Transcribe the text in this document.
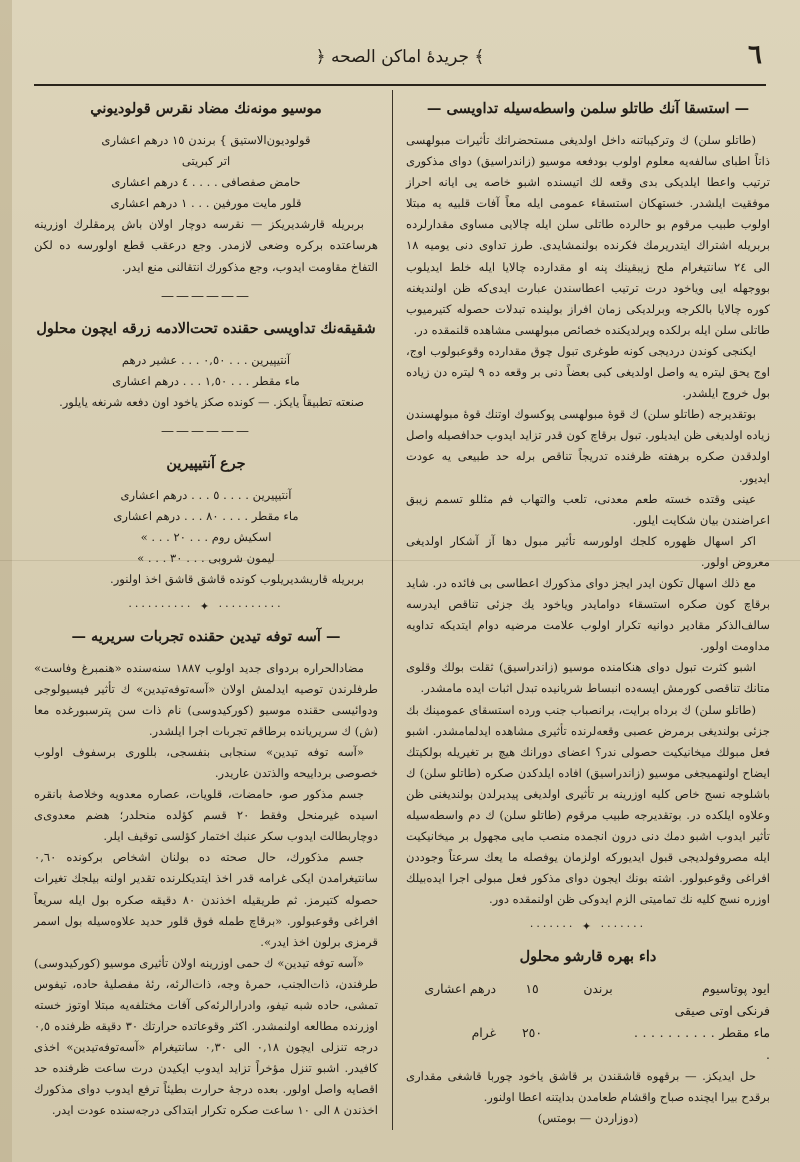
٦
﴾ جريدهٔ اماكن الصحه ﴿
— استسقا آنك طاتلو سلمن واسطه‌سيله تداويسى —

(طاتلو سلن) ك وتركيباتنه داخل اولديغى مستحضراتك تأثيرات مبولهسى ذاتاً اطباى سالفه‌يه معلوم اولوب بودفعه موسيو (زاندراسيق) دواى مذكورى ترتيب واعطا ايلديكى بدى وقعه‌ لك اتيسنده اشبو خاصه‌ يى ايانه احراز موفقيت ايلشدر. خستهكان استسقاء عمومى ايله معاً آفات قلبيه ‌يه مبتلا اولوب طبيب مرقوم بو حالرده طاتلى سلن ايله چالايى مساوى مقدارلرده بربريله اشتراك ايتدريرمك فكرنده بولنمشايدى. طرز تداوى دنى يوميه ١٨ الى ٢٤ سانتيغرام ملح زيبقينك پنه او مقدارده چالايا ايله خلط ايديلوب بووجهله ايى وياخود درت ترتيب اعطاسندن عبارت ايدى‌كه ظن اولندیغنه کوره چالايا بالكرجه وبرلدیکی زمان افراز بولينده تبدلات حصوله کتيرميوب طاتلى سلن ايله برلكده ويرلديکنده خصائص مبولهسى مشاهده قلنمقده‌ در.

ايکنجى كوندن درديجى كونه طوغرى تبول چوق مقدارده وقوعبولوب اوج، اوج يحق ليتره يه واصل اولديغى كبى بعضاً دنى بر وقعه‌ ده ٩ ليتره ‌دن زياده بول خروج ايلشدر.

بوتقديرجه (طاتلو سلن) ك قوهٔ مبولهسى پوكسوك اوتنك قوهٔ مبولهسندن زياده اولديغى ظن ايديلور. تبول برقاچ كون قدر تزايد ايدوب حدافصيله واصل اولدقدن صكره برهفته ظرفنده تدريجاً تناقص برله حد طبيعى يه عودت ايديور.

عينى وقتده خسته طعم‌ معدنى، تلعب والتهاب فم مثللو تسمم زيبق اعراضندن بيان شكايت ايلور.

اكر اسهال ظهوره كلجك اولورسه تأثير مبول دها آز آشكار اولدیغى معروض اولور.

مع ذلك اسهال تكون ايدر ايجز دواى مذكورك اعطاسى بى فائده‌ در. شايد برقاچ كون صكره استسقاء دوامايدر وياخود يك جزئى تناقص ايدرسه سالف‌الذكر مقادير دوانيه تكرار اولوب علامت مرضيه دوام ايتديكه تداويه مداومت اولور.

اشبو كثرت تبول دواى هنكامنده موسيو (زاندراسيق) ثقلت بولك وقلوى متانك تناقصى كورمش ايسه‌ده انبساط شريانيده تبدل اثبات ايده‌ مامشدر.

(طاتلو سلن) ك برداه برايت، برانصباب جنب ورده استسقاى عمومينك بك جزئى بولنديغى برمرض عصبى وقعه‌لرنده تأثيرى مشاهده ايدلمامشدر. اشبو فعل مبولك ميخانيكيت حصولى ندر؟ اعضاى دورانك هيچ بر تغيريله بولكيتك ايضاح اولنهميجغى موسيو (زاندراسيق) افاده ايلدكدن صكره (طاتلو سلن) ك باشلوجه نسج خاص كليه اوزرينه بر تأثيرى اولديغى پيديرلدن بولنديغنى ظن وعلاوه ايلكده‌ در. بوتقديرجه طبيب مرقوم (طاتلو سلن) ك دم واسطه‌سيله تأثير ايدوب اشبو دمك دنى درون انجمده منصب مايى مجهول بر ميخانيكيت ايله مصروفولديجى قبول ايديورکه اولزمان يوفصله ما يعك سرعتاً وجوددن افراغى وقوعبولور. اشته بونك ايجون دواى مذكور فعل مبولى اجرا ايده‌بيلك اوزره نسج كليه‌ نك تماميتى الزم ايدوكى ظن اولنمقده‌ دور.

······· ✦ ·······
داء بهره قارشو محلول
ايود پوتاسيوم
برندن
١٥
درهم اعشارى
فرنكى اوتى صيقى
ماء مقطر . . . . . . . . . . .
٢٥٠
غرام

حل ايديكز. — برقهوه قاشقندن بر قاشق ياخود چوربا قاشغى مقدارى برقدح بيرا ايچنده صباح واقشام طعامدن بدايتنه اعطا اولنور.

(دوزاردن — بومتس)

موسيو مونه‌نك مضاد نقرس قولوديوني

قولوديون‌الاستيق } برندن ١٥ درهم اعشارى

اتر كبريتى

حامض صفصافى . . . . ٤ درهم اعشارى

قلور مايت مورفين . . . ١ درهم اعشارى

بربريله قارشديريكز — نقرسه دوچار اولان باش پرمقلرك اوزرينه هرساعتده بركره وضعى لازمدر. وجع درعقب قطع اولورسه‌ ده لكن التفاخ مقاومت ايدوب، وجع مذكورك انتقالنى منع ايدر.

——————
شقيقه‌نك تداويسى حقنده تحت‌الادمه زرقه ايچون محلول

آنتيپيرين . . . ٠,٥٠ . . . عشير درهم

ماء مقطر . . . ١,٥٠ . . . درهم اعشارى

صنعته تطبيقاً يايكز. — كونده صكز ياخود اون دفعه شرنغه يايلور.

——————
جرع آنتيپيرين

آنتيپيرين . . . . ٥ . . . درهم اعشارى

ماء مقطر . . . . ٨٠ . . . درهم اعشارى

اسكيش روم . . . ٢٠ . . . »

ليمون شروبى . . . ٣٠ . . . »

بربريله قاريشديريلوب كونده قاشق قاشق اخذ اولنور.

·········· ✦ ··········
— آسه‌ توفه‌ تيدين حقنده تجربات سريريه —

مضادالحراره بردواى جديد اولوب ١٨٨٧ سنه‌سنده «هنمبرغ وفاست» طرفلرندن توصيه ايدلمش اولان «آسه‌توفه‌تيدين» ك تأثير فيسيولوجى ودوائيسى حقنده موسيو (كورکيدوسى) نام ذات سن پترسبورغده معا (ش) ك سريريانده برطاقم تجربات اجرا ايلشدر.

«آسه‌ توفه‌ تيدين» سنجابى بنفسجى، بللورى برسفوف اولوب خصوصى برداييحه والذتدن عاريدر.

جسم مذكور صو، حامضات، قلويات، عصاره معدويه وخلاصهٔ بانقره اسيده غيرمنحل وفقط ٢٠ قسم كؤلده منحلدر؛ هضم معدوى‌ى دوچاربطالت ايدوب سكر عنبك اختمار كؤلسى توقيف ايلر.

جسم مذكورك، حال صحته‌ ده بولنان اشخاص بركونده ٠,٦٠ سانتيغرامدن ايكى غرامه قدر اخذ ايتديكلرنده تقدير اولنه بيلجك تغيرات حصوله كتيرمز. ثم طريقيله اخذندن ٨٠ دقيقه صكره بول ايله سريعاً افراغى وقوعبولور. «برقاچ طمله فوق قلور حديد علاوه‌سيله بول اسمر قرمزى برلون اخذ ايدر».

«آسه‌ توفه‌ تيدين» ك حمى اوزرينه اولان تأثيرى موسيو (كورکيدوسى) طرفندن، ذات‌الجنب، حمرهٔ وجه، ذات‌الرئه، رئهٔ مفصليهٔ حاده، تيفوس تمشى، حاده شبه تيفو، وادرارالرئه‌كى آفات مختلفه‌يه مبتلا اوتوز خسته اوزرنده مطالعه اولنمشدر. اكثر وقوعاتده حرارتك ٣٠ دقيقه ظرفنده ٠,٥ درجه تنزلى ايچون ٠,١٨ الى ٠,٣٠ سانتيغرام «آسه‌توفه‌تيدين» اخذى كافيدر. اشبو تنزل مؤخراً تزايد ايدوب ايكيدن درت ساعت ظرفنده حد اقصايه واصل اولور. بعده درجهٔ حرارت بطيئاً ترفع ايدوب دواى مذكورك اخذندن ٨ الى ١٠ ساعت صكره تكرار ابتداكى درجه‌سنده عودت ايدر.
